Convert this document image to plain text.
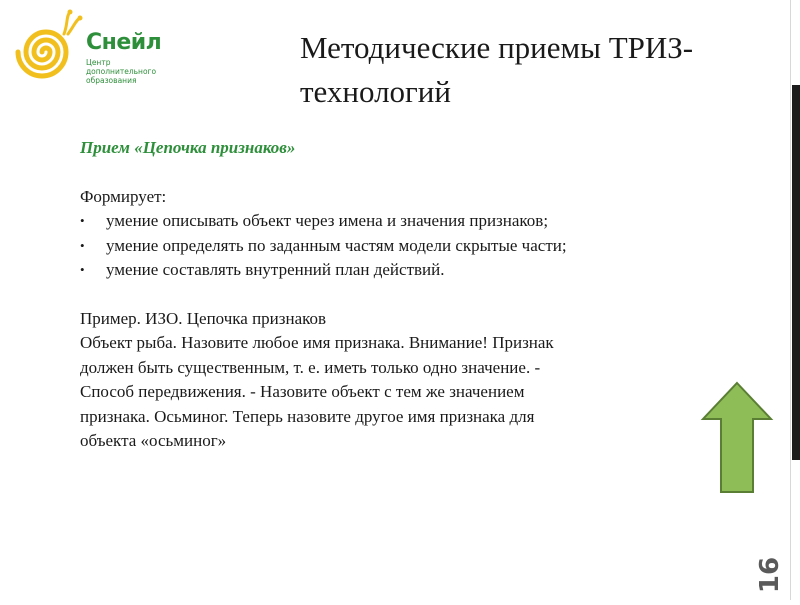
Снейл
Центр
дополнительного
образования
Методические приемы ТРИЗ-
технологий

Прием «Цепочка признаков»

Формирует:

•	умение описывать объект через имена и значения признаков;
•	умение определять по заданным частям модели скрытые части;
•	умение составлять внутренний план действий.

Пример. ИЗО. Цепочка признаков

Объект рыба. Назовите любое имя признака. Внимание! Признак

должен быть существенным, т. е. иметь только одно значение. -

Способ передвижения. - Назовите объект с тем же значением

признака. Осьминог. Теперь назовите другое имя признака для

объекта «осьминог»

16
